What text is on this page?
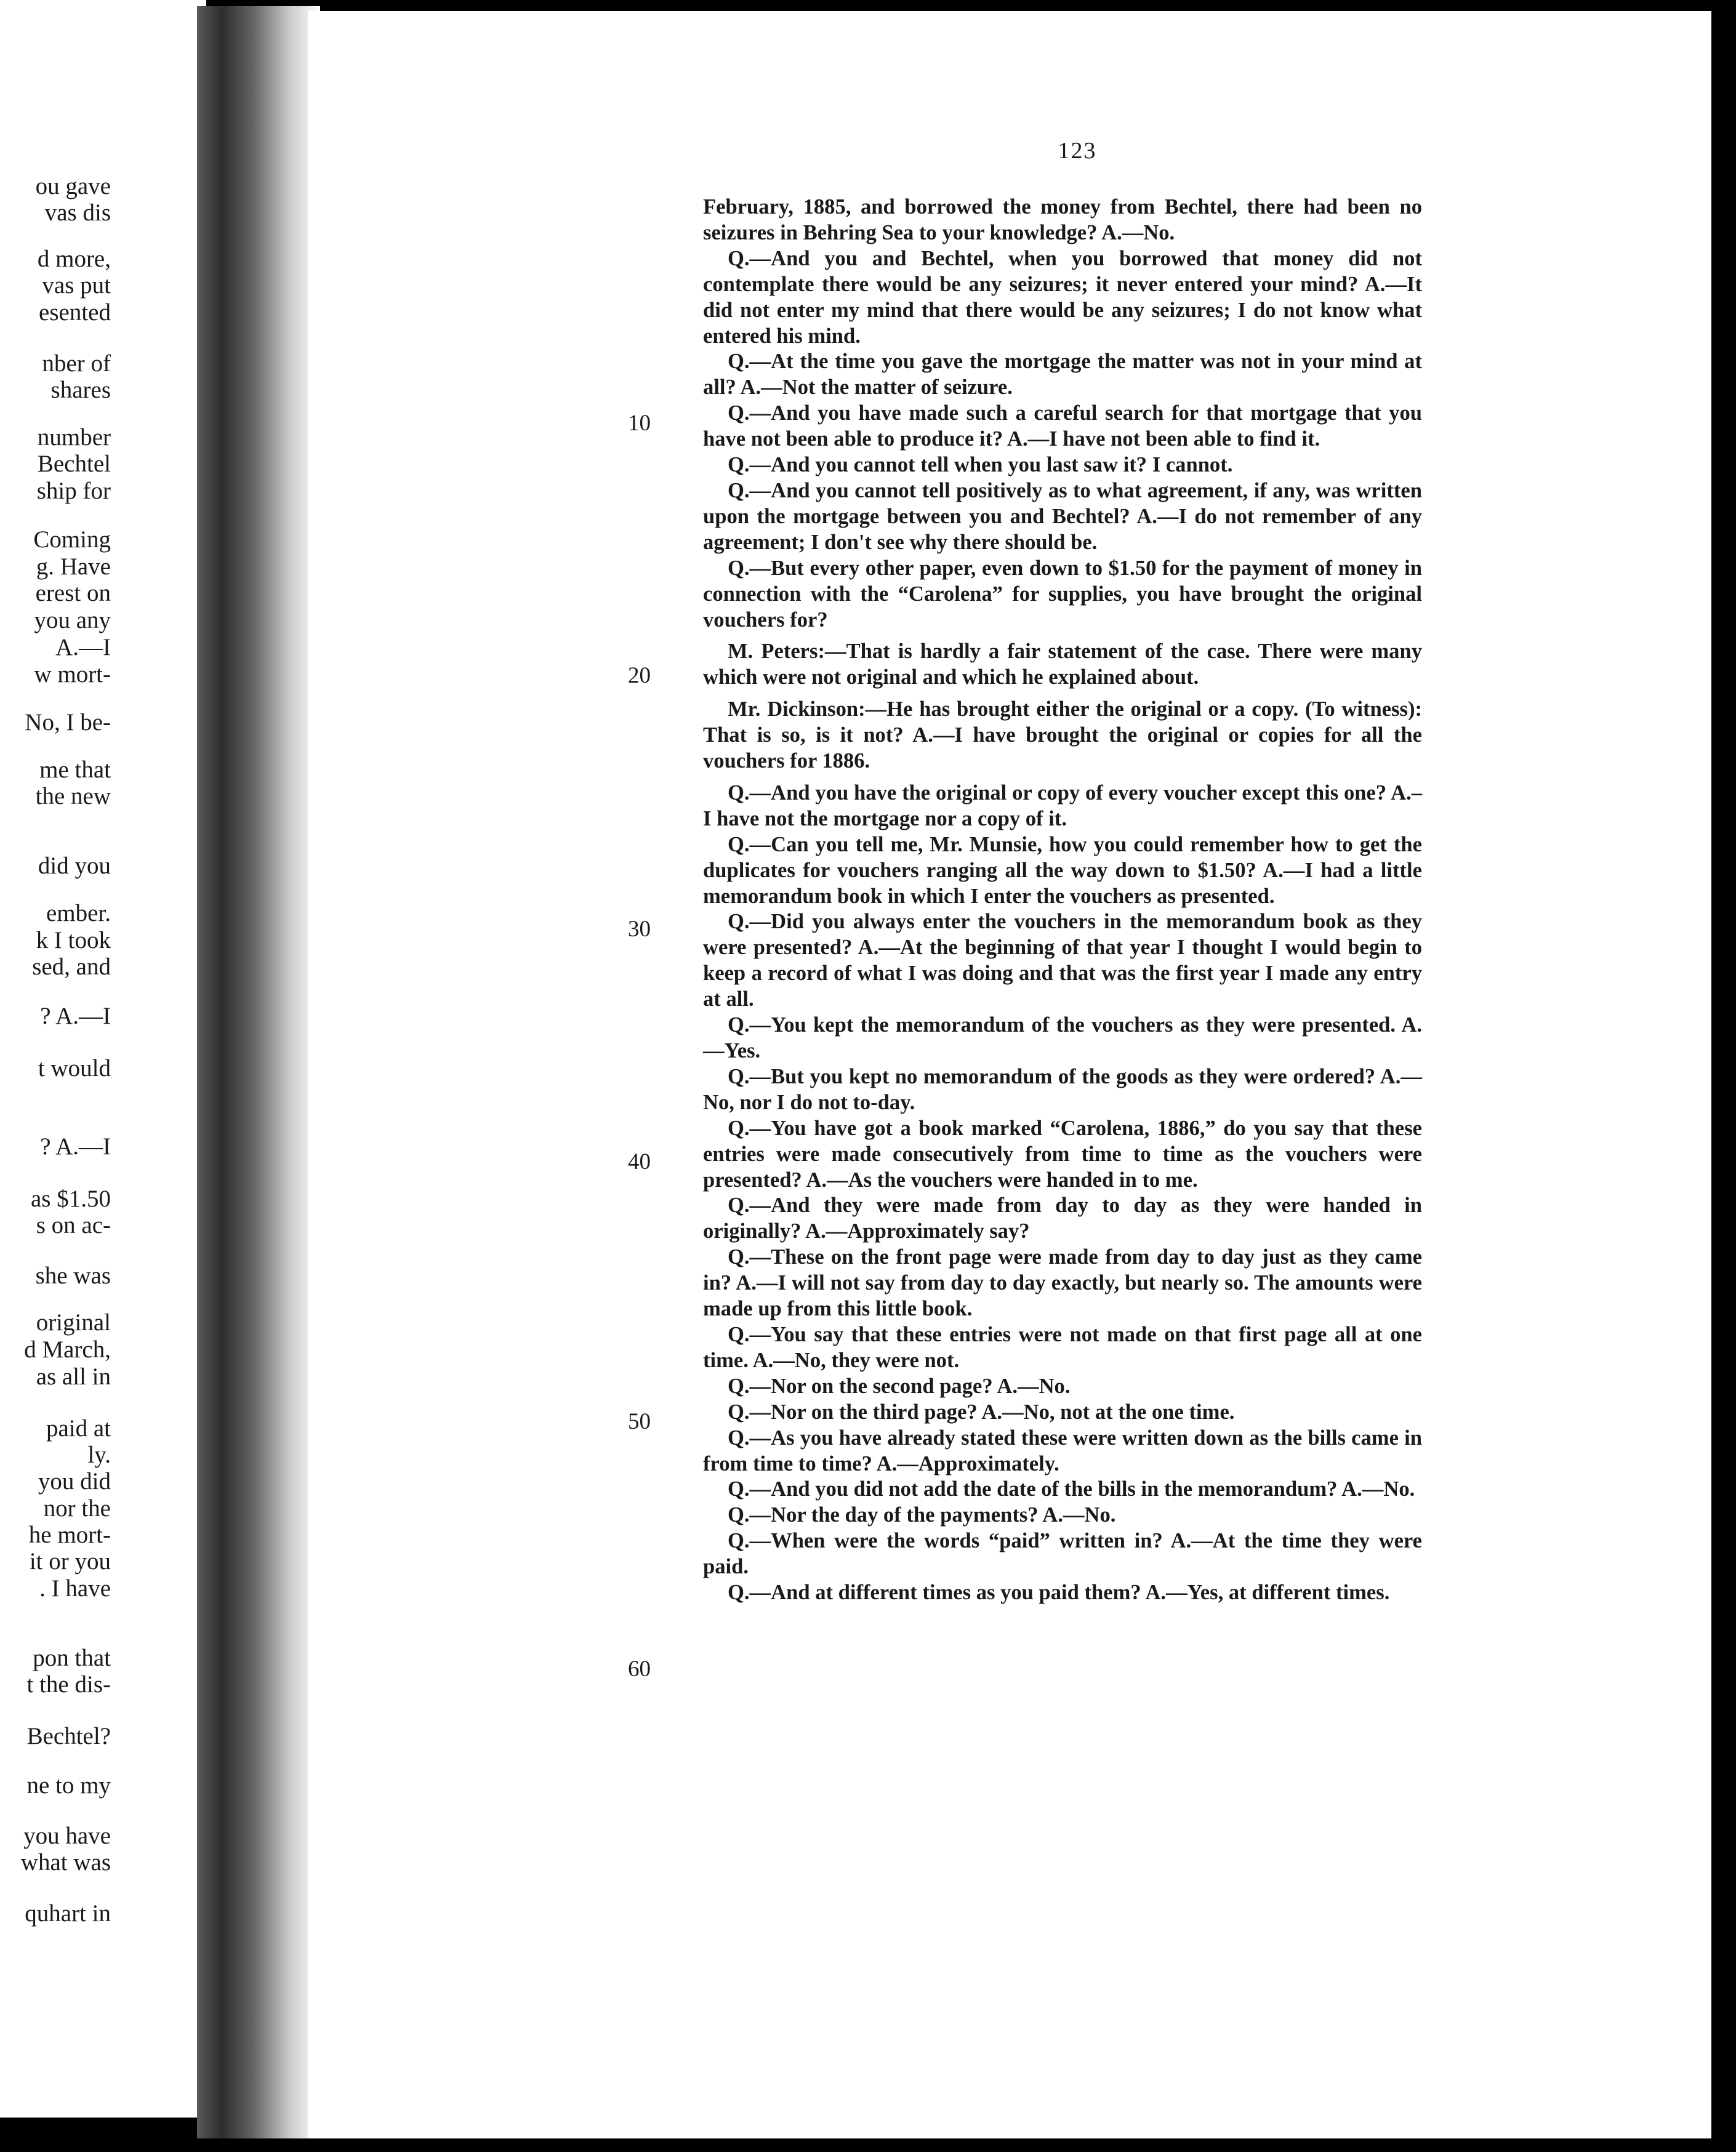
ou gave
vas dis
d more,
vas put
esented
nber of
shares
number
Bechtel
ship for
Coming
g. Have
erest on
you any
A.—I
w mort-
No, I be-
me that
the new
did you
ember.
k I took
sed, and
? A.—I
t would
? A.—I
as $1.50
s on ac-
she was
original
d March,
as all in
paid at
ly.
you did
nor the
he mort-
it or you
. I have
pon that
t the dis-
Bechtel?
ne to my
you have
what was
quhart in
123
10
20
30
40
50
60

February, 1885, and borrowed the money from Bechtel, there had been no seizures in Behring Sea to your knowledge? A.—No.

Q.—And you and Bechtel, when you borrowed that money did not contemplate there would be any seizures; it never entered your mind? A.—It did not enter my mind that there would be any seizures; I do not know what entered his mind.

Q.—At the time you gave the mortgage the matter was not in your mind at all? A.—Not the matter of seizure.

Q.—And you have made such a careful search for that mortgage that you have not been able to produce it? A.—I have not been able to find it.

Q.—And you cannot tell when you last saw it? I cannot.

Q.—And you cannot tell positively as to what agreement, if any, was written upon the mortgage between you and Bechtel? A.—I do not remember of any agreement; I don't see why there should be.

Q.—But every other paper, even down to $1.50 for the payment of money in connection with the “Carolena” for supplies, you have brought the original vouchers for?

M. Peters:—That is hardly a fair statement of the case. There were many which were not original and which he explained about.

Mr. Dickinson:—He has brought either the original or a copy. (To witness): That is so, is it not? A.—I have brought the original or copies for all the vouchers for 1886.

Q.—And you have the original or copy of every voucher except this one? A.–I have not the mortgage nor a copy of it.

Q.—Can you tell me, Mr. Munsie, how you could remember how to get the duplicates for vouchers ranging all the way down to $1.50? A.—I had a little memorandum book in which I enter the vouchers as presented.

Q.—Did you always enter the vouchers in the memorandum book as they were presented? A.—At the beginning of that year I thought I would begin to keep a record of what I was doing and that was the first year I made any entry at all.

Q.—You kept the memorandum of the vouchers as they were presented. A.—Yes.

Q.—But you kept no memorandum of the goods as they were ordered? A.—No, nor I do not to-day.

Q.—You have got a book marked “Carolena, 1886,” do you say that these entries were made consecutively from time to time as the vouchers were presented? A.—As the vouchers were handed in to me.

Q.—And they were made from day to day as they were handed in originally? A.—Approximately say?

Q.—These on the front page were made from day to day just as they came in? A.—I will not say from day to day exactly, but nearly so. The amounts were made up from this little book.

Q.—You say that these entries were not made on that first page all at one time. A.—No, they were not.

Q.—Nor on the second page? A.—No.

Q.—Nor on the third page? A.—No, not at the one time.

Q.—As you have already stated these were written down as the bills came in from time to time? A.—Approximately.

Q.—And you did not add the date of the bills in the memorandum? A.—No.

Q.—Nor the day of the payments? A.—No.

Q.—When were the words “paid” written in? A.—At the time they were paid.

Q.—And at different times as you paid them? A.—Yes, at different times.
